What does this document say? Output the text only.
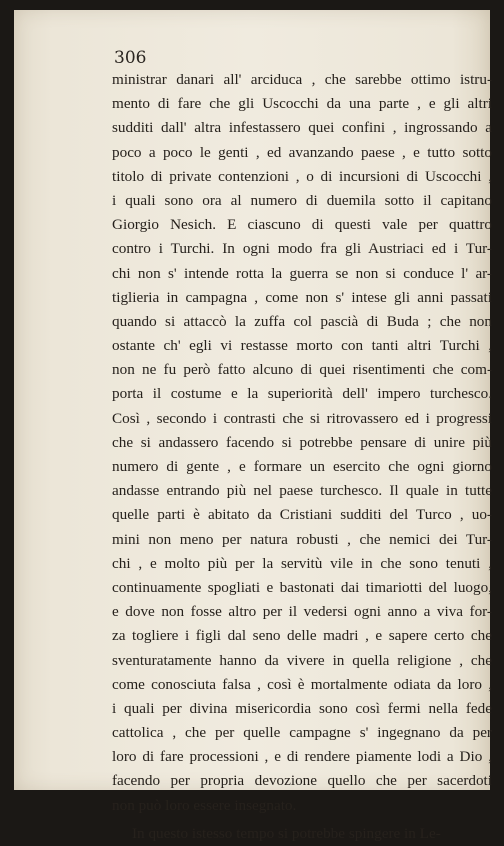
306

ministrar danari all' arciduca , che sarebbe ottimo istru-
mento di fare che gli Uscocchi da una parte , e gli altri
sudditi dall' altra infestassero quei confini , ingrossando a
poco a poco le genti , ed avanzando paese , e tutto sotto
titolo di private contenzioni , o di incursioni di Uscocchi ,
i quali sono ora al numero di duemila sotto il capitano
Giorgio Nesich. E ciascuno di questi vale per quattro
contro i Turchi. In ogni modo fra gli Austriaci ed i Tur-
chi non s' intende rotta la guerra se non si conduce l' ar-
tiglieria in campagna , come non s' intese gli anni passati
quando si attaccò la zuffa col pascià di Buda ; che non
ostante ch' egli vi restasse morto con tanti altri Turchi ,
non ne fu però fatto alcuno di quei risentimenti che com-
porta il costume e la superiorità dell' impero turchesco.
Così , secondo i contrasti che si ritrovassero ed i progressi
che si andassero facendo si potrebbe pensare di unire più
numero di gente , e formare un esercito che ogni giorno
andasse entrando più nel paese turchesco. Il quale in tutte
quelle parti è abitato da Cristiani sudditi del Turco , uo-
mini non meno per natura robusti , che nemici dei Tur-
chi , e molto più per la servitù vile in che sono tenuti ,
continuamente spogliati e bastonati dai timariotti del luogo,
e dove non fosse altro per il vedersi ogni anno a viva for-
za togliere i figli dal seno delle madri , e sapere certo che
sventuratamente hanno da vivere in quella religione , che
come conosciuta falsa , così è mortalmente odiata da loro ,
i quali per divina misericordia sono così fermi nella fede
cattolica , che per quelle campagne s' ingegnano da per
loro di fare processioni , e di rendere piamente lodi a Dio ,
facendo per propria devozione quello che per sacerdoti
non può loro essere insegnato.
In questo istesso tempo si potrebbe spingere in Le-
